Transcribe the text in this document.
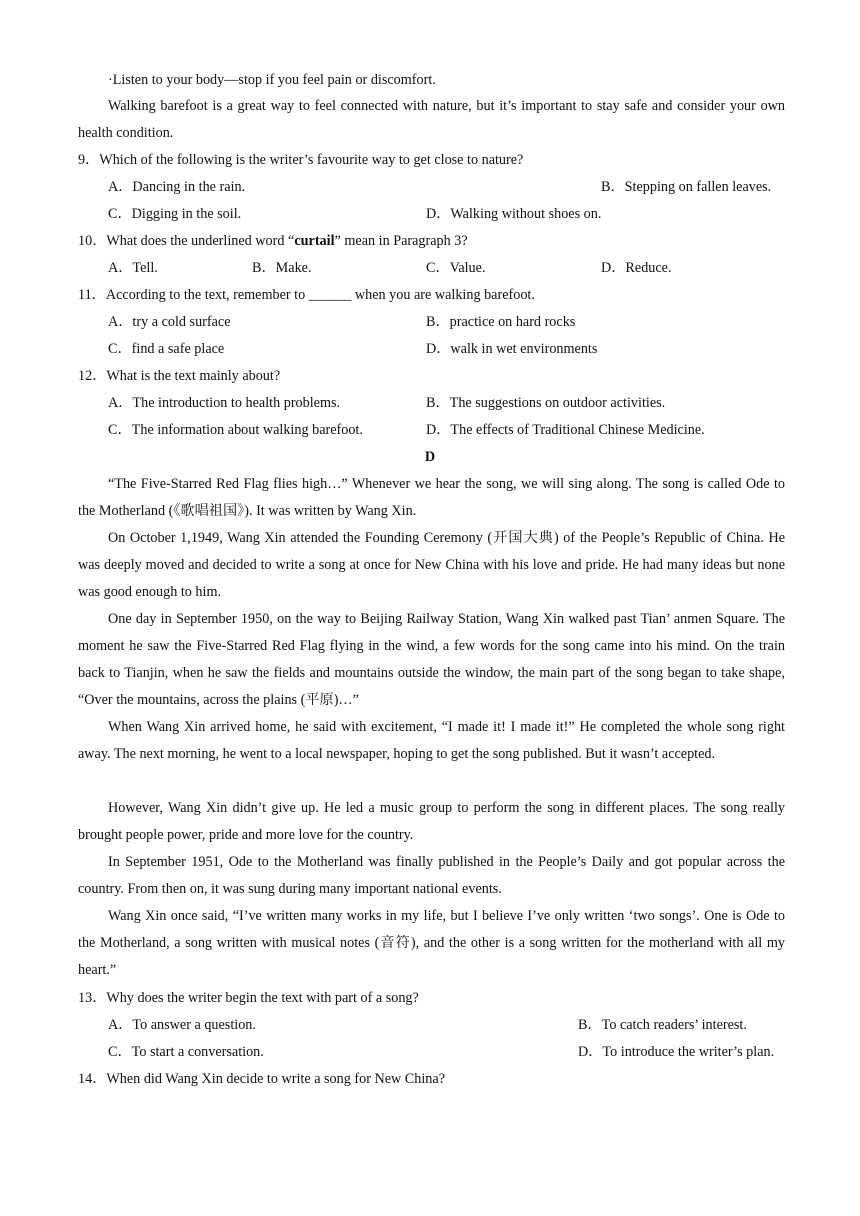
·Listen to your body—stop if you feel pain or discomfort.
Walking barefoot is a great way to feel connected with nature, but it’s important to stay safe and consider your own health condition.
9．Which of the following is the writer’s favourite way to get close to nature?
A．Dancing in the rain.	B．Stepping on fallen leaves.
C．Digging in the soil.	D．Walking without shoes on.
10．What does the underlined word “curtail” mean in Paragraph 3?
A．Tell.	B．Make.	C．Value.	D．Reduce.
11．According to the text, remember to ______ when you are walking barefoot.
A．try a cold surface	B．practice on hard rocks
C．find a safe place	D．walk in wet environments
12．What is the text mainly about?
A．The introduction to health problems.	B．The suggestions on outdoor activities.
C．The information about walking barefoot.	D．The effects of Traditional Chinese Medicine.
D
“The Five-Starred Red Flag flies high…” Whenever we hear the song, we will sing along. The song is called Ode to the Motherland (《歌唱祖国》). It was written by Wang Xin.
On October 1,1949, Wang Xin attended the Founding Ceremony (开国大典) of the People’s Republic of China. He was deeply moved and decided to write a song at once for New China with his love and pride. He had many ideas but none was good enough to him.
One day in September 1950, on the way to Beijing Railway Station, Wang Xin walked past Tian’ anmen Square. The moment he saw the Five-Starred Red Flag flying in the wind, a few words for the song came into his mind. On the train back to Tianjin, when he saw the fields and mountains outside the window, the main part of the song began to take shape, “Over the mountains, across the plains (平原)…”
When Wang Xin arrived home, he said with excitement, “I made it! I made it!” He completed the whole song right away. The next morning, he went to a local newspaper, hoping to get the song published. But it wasn’t accepted.
However, Wang Xin didn’t give up. He led a music group to perform the song in different places. The song really brought people power, pride and more love for the country.
In September 1951, Ode to the Motherland was finally published in the People’s Daily and got popular across the country. From then on, it was sung during many important national events.
Wang Xin once said, “I’ve written many works in my life, but I believe I’ve only written ‘two songs’. One is Ode to the Motherland, a song written with musical notes (音符), and the other is a song written for the motherland with all my heart.”
13．Why does the writer begin the text with part of a song?
A．To answer a question.	B．To catch readers’ interest.
C．To start a conversation.	D．To introduce the writer’s plan.
14．When did Wang Xin decide to write a song for New China?
